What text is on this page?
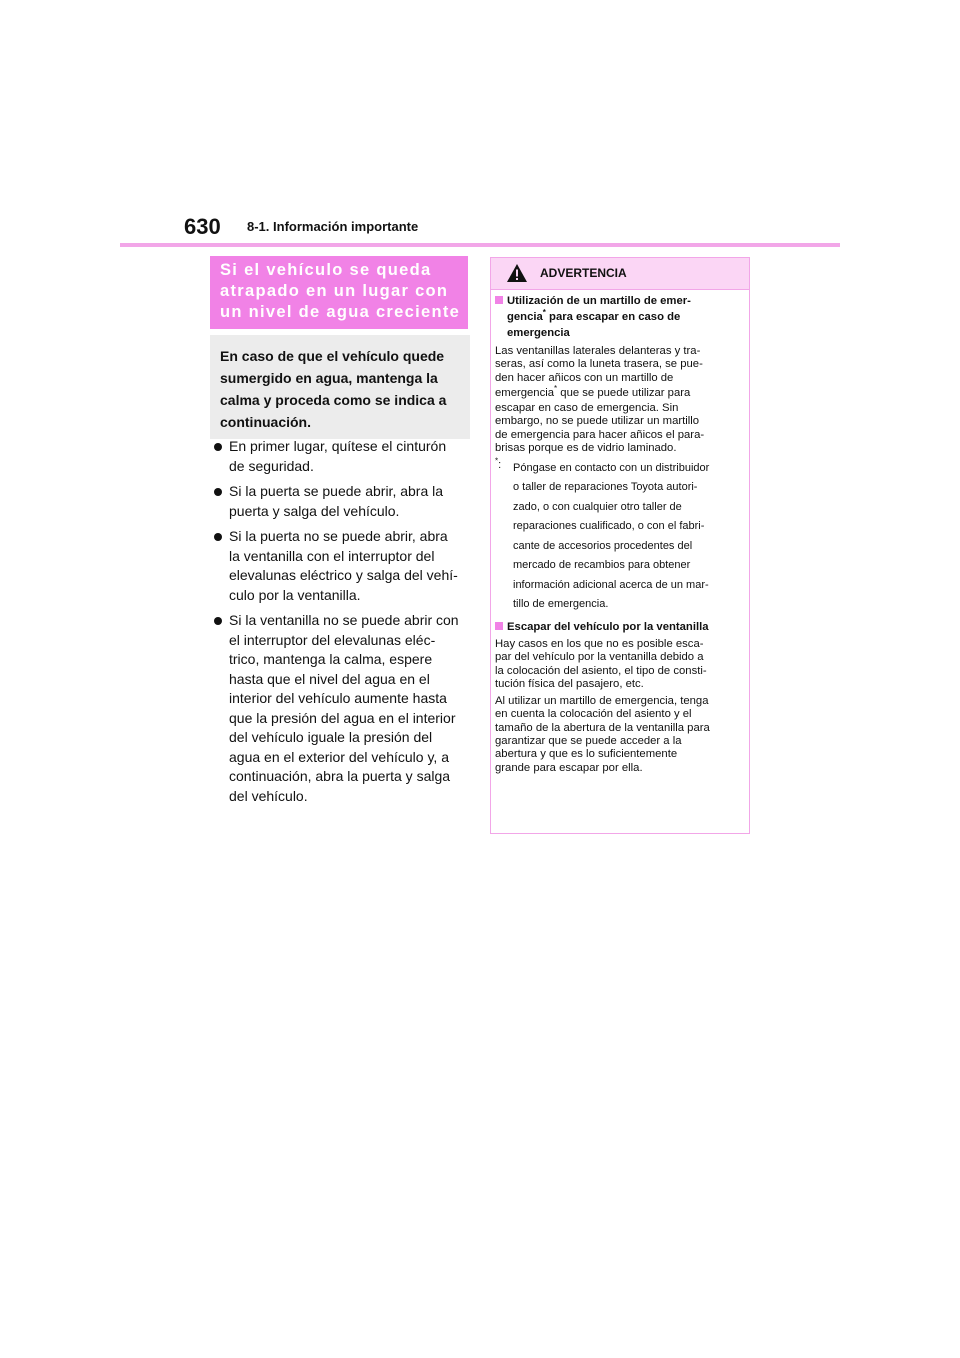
630 8-1. Información importante
Si el vehículo se queda
atrapado en un lugar con
un nivel de agua creciente
En caso de que el vehículo quede
sumergido en agua, mantenga la
calma y proceda como se indica a
continuación.
En primer lugar, quítese el cinturón
de seguridad.
Si la puerta se puede abrir, abra la
puerta y salga del vehículo.
Si la puerta no se puede abrir, abra
la ventanilla con el interruptor del
elevalunas eléctrico y salga del vehí-
culo por la ventanilla.
Si la ventanilla no se puede abrir con
el interruptor del elevalunas eléc-
trico, mantenga la calma, espere
hasta que el nivel del agua en el
interior del vehículo aumente hasta
que la presión del agua en el interior
del vehículo iguale la presión del
agua en el exterior del vehículo y, a
continuación, abra la puerta y salga
del vehículo.
ADVERTENCIA
Utilización de un martillo de emer-
gencia* para escapar en caso de
emergencia
Las ventanillas laterales delanteras y tra-
seras, así como la luneta trasera, se pue-
den hacer añicos con un martillo de
emergencia* que se puede utilizar para
escapar en caso de emergencia. Sin
embargo, no se puede utilizar un martillo
de emergencia para hacer añicos el para-
brisas porque es de vidrio laminado.
*: Póngase en contacto con un distribuidor
o taller de reparaciones Toyota autori-
zado, o con cualquier otro taller de
reparaciones cualificado, o con el fabri-
cante de accesorios procedentes del
mercado de recambios para obtener
información adicional acerca de un mar-
tillo de emergencia.
Escapar del vehículo por la ventanilla
Hay casos en los que no es posible esca-
par del vehículo por la ventanilla debido a
la colocación del asiento, el tipo de consti-
tución física del pasajero, etc.
Al utilizar un martillo de emergencia, tenga
en cuenta la colocación del asiento y el
tamaño de la abertura de la ventanilla para
garantizar que se puede acceder a la
abertura y que es lo suficientemente
grande para escapar por ella.
